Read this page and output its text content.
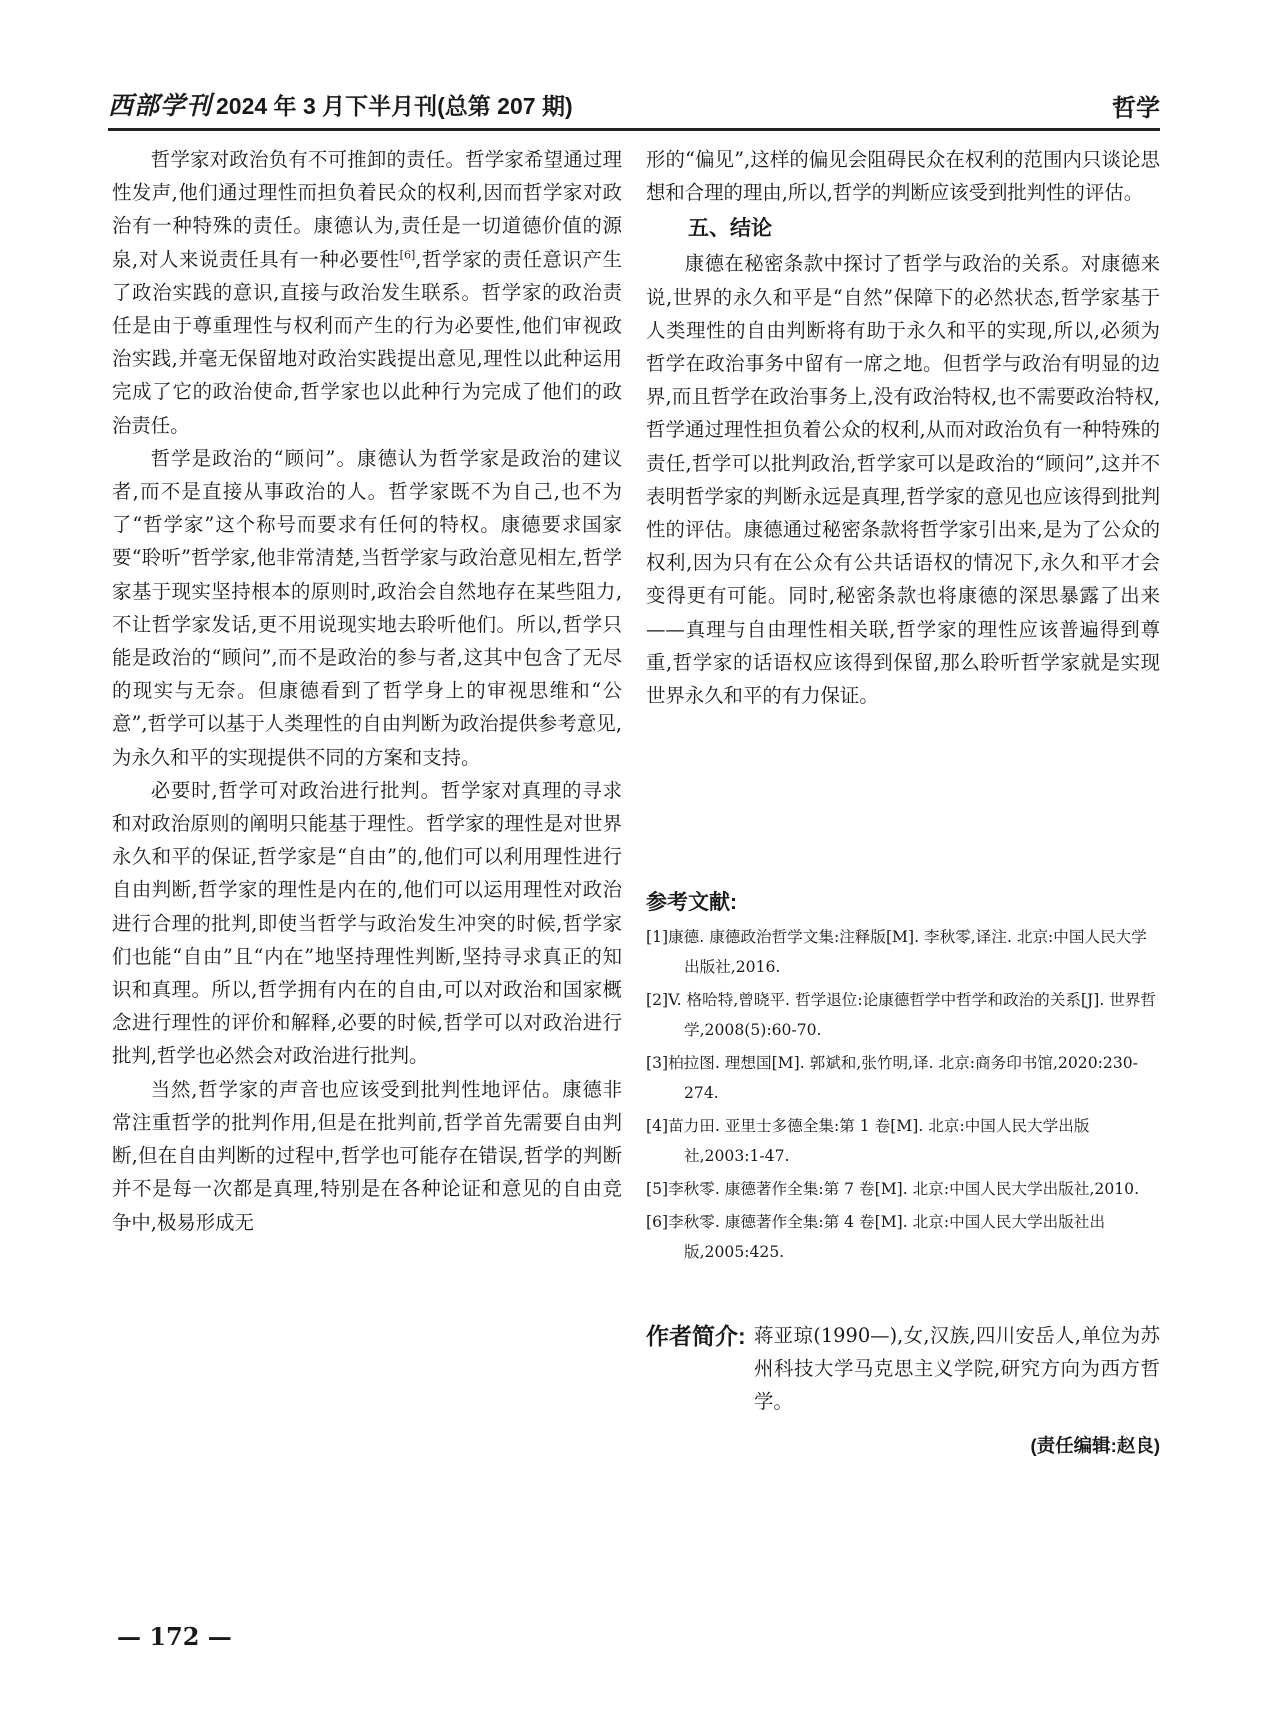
西部学刊 2024 年 3 月下半月刊(总第 207 期)	哲学

哲学家对政治负有不可推卸的责任。哲学家希望通过理性发声,他们通过理性而担负着民众的权利,因而哲学家对政治有一种特殊的责任。康德认为,责任是一切道德价值的源泉,对人来说责任具有一种必要性[6],哲学家的责任意识产生了政治实践的意识,直接与政治发生联系。哲学家的政治责任是由于尊重理性与权利而产生的行为必要性,他们审视政治实践,并毫无保留地对政治实践提出意见,理性以此种运用完成了它的政治使命,哲学家也以此种行为完成了他们的政治责任。

哲学是政治的“顾问”。康德认为哲学家是政治的建议者,而不是直接从事政治的人。哲学家既不为自己,也不为了“哲学家”这个称号而要求有任何的特权。康德要求国家要“聆听”哲学家,他非常清楚,当哲学家与政治意见相左,哲学家基于现实坚持根本的原则时,政治会自然地存在某些阻力,不让哲学家发话,更不用说现实地去聆听他们。所以,哲学只能是政治的“顾问”,而不是政治的参与者,这其中包含了无尽的现实与无奈。但康德看到了哲学身上的审视思维和“公意”,哲学可以基于人类理性的自由判断为政治提供参考意见,为永久和平的实现提供不同的方案和支持。

必要时,哲学可对政治进行批判。哲学家对真理的寻求和对政治原则的阐明只能基于理性。哲学家的理性是对世界永久和平的保证,哲学家是“自由”的,他们可以利用理性进行自由判断,哲学家的理性是内在的,他们可以运用理性对政治进行合理的批判,即使当哲学与政治发生冲突的时候,哲学家们也能“自由”且“内在”地坚持理性判断,坚持寻求真正的知识和真理。所以,哲学拥有内在的自由,可以对政治和国家概念进行理性的评价和解释,必要的时候,哲学可以对政治进行批判,哲学也必然会对政治进行批判。

当然,哲学家的声音也应该受到批判性地评估。康德非常注重哲学的批判作用,但是在批判前,哲学首先需要自由判断,但在自由判断的过程中,哲学也可能存在错误,哲学的判断并不是每一次都是真理,特别是在各种论证和意见的自由竞争中,极易形成无

形的“偏见”,这样的偏见会阻碍民众在权利的范围内只谈论思想和合理的理由,所以,哲学的判断应该受到批判性的评估。

五、结论

康德在秘密条款中探讨了哲学与政治的关系。对康德来说,世界的永久和平是“自然”保障下的必然状态,哲学家基于人类理性的自由判断将有助于永久和平的实现,所以,必须为哲学在政治事务中留有一席之地。但哲学与政治有明显的边界,而且哲学在政治事务上,没有政治特权,也不需要政治特权,哲学通过理性担负着公众的权利,从而对政治负有一种特殊的责任,哲学可以批判政治,哲学家可以是政治的“顾问”,这并不表明哲学家的判断永远是真理,哲学家的意见也应该得到批判性的评估。康德通过秘密条款将哲学家引出来,是为了公众的权利,因为只有在公众有公共话语权的情况下,永久和平才会变得更有可能。同时,秘密条款也将康德的深思暴露了出来——真理与自由理性相关联,哲学家的理性应该普遍得到尊重,哲学家的话语权应该得到保留,那么聆听哲学家就是实现世界永久和平的有力保证。

参考文献:
[1]康德. 康德政治哲学文集:注释版[M]. 李秋零,译注. 北京:中国人民大学出版社,2016.
[2]V. 格哈特,曾晓平. 哲学退位:论康德哲学中哲学和政治的关系[J]. 世界哲学,2008(5):60-70.
[3]柏拉图. 理想国[M]. 郭斌和,张竹明,译. 北京:商务印书馆,2020:230-274.
[4]苗力田. 亚里士多德全集:第 1 卷[M]. 北京:中国人民大学出版社,2003:1-47.
[5]李秋零. 康德著作全集:第 7 卷[M]. 北京:中国人民大学出版社,2010.
[6]李秋零. 康德著作全集:第 4 卷[M]. 北京:中国人民大学出版社出版,2005:425.
作者简介: 蒋亚琼(1990—),女,汉族,四川安岳人,单位为苏州科技大学马克思主义学院,研究方向为西方哲学。
(责任编辑:赵良)
— 172 —
